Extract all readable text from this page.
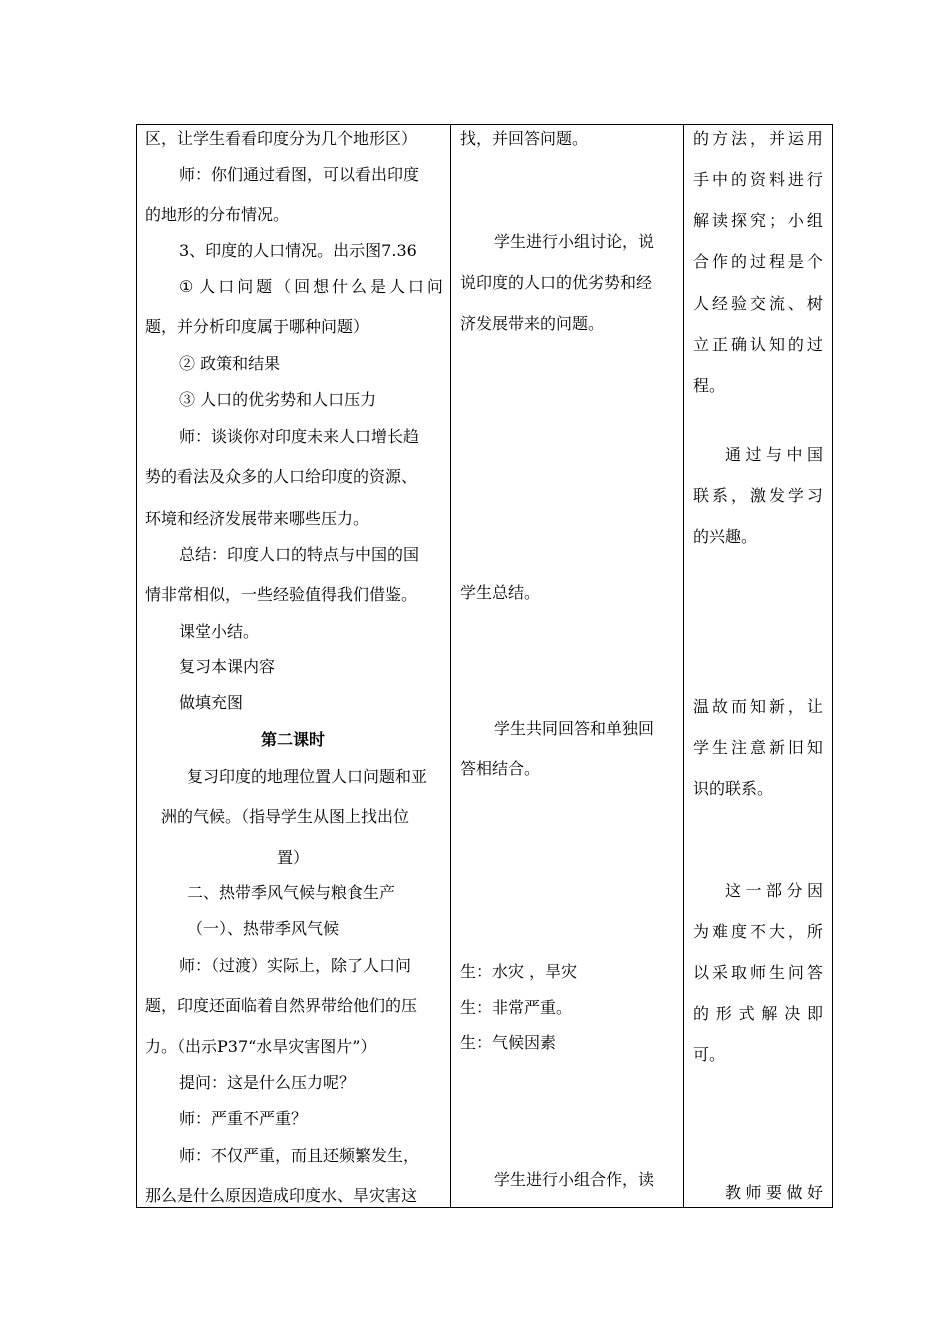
区，让学生看看印度分为几个地形区）
师：你们通过看图，可以看出印度
的地形的分布情况。
3、印度的人口情况。出示图7.36
① 人 口 问 题 （ 回 想 什 么 是 人 口 问
题，并分析印度属于哪种问题）
② 政策和结果
③ 人口的优劣势和人口压力
师：谈谈你对印度未来人口增长趋
势的看法及众多的人口给印度的资源、
环境和经济发展带来哪些压力。
总结：印度人口的特点与中国的国
情非常相似，一些经验值得我们借鉴。
课堂小结。
复习本课内容
做填充图
第二课时
复习印度的地理位置人口问题和亚
洲的气候。（指导学生从图上找出位
置）
二、热带季风气候与粮食生产
（一）、热带季风气候
师：（过渡）实际上，除了人口问
题，印度还面临着自然界带给他们的压
力。（出示P37“水旱灾害图片”）
提问：这是什么压力呢？
师：严重不严重？
师：不仅严重，而且还频繁发生，
那么是什么原因造成印度水、旱灾害这
找，并回答问题。
学生进行小组讨论，说
说印度的人口的优劣势和经
济发展带来的问题。
学生总结。
学生共同回答和单独回
答相结合。
生：水灾 ，旱灾
生：非常严重。
生：气候因素
学生进行小组合作，读
的 方 法 ， 并 运 用
手 中 的 资 料 进 行
解 读 探 究 ； 小 组
合 作 的 过 程 是 个
人 经 验 交 流 、 树
立 正 确 认 知 的 过
程。
通 过 与 中 国
联 系 ， 激 发 学 习
的兴趣。
温 故 而 知 新 ， 让
学 生 注 意 新 旧 知
识的联系。
这 一 部 分 因
为 难 度 不 大 ， 所
以 采 取 师 生 问 答
的 形 式 解 决 即
可。
教 师 要 做 好
